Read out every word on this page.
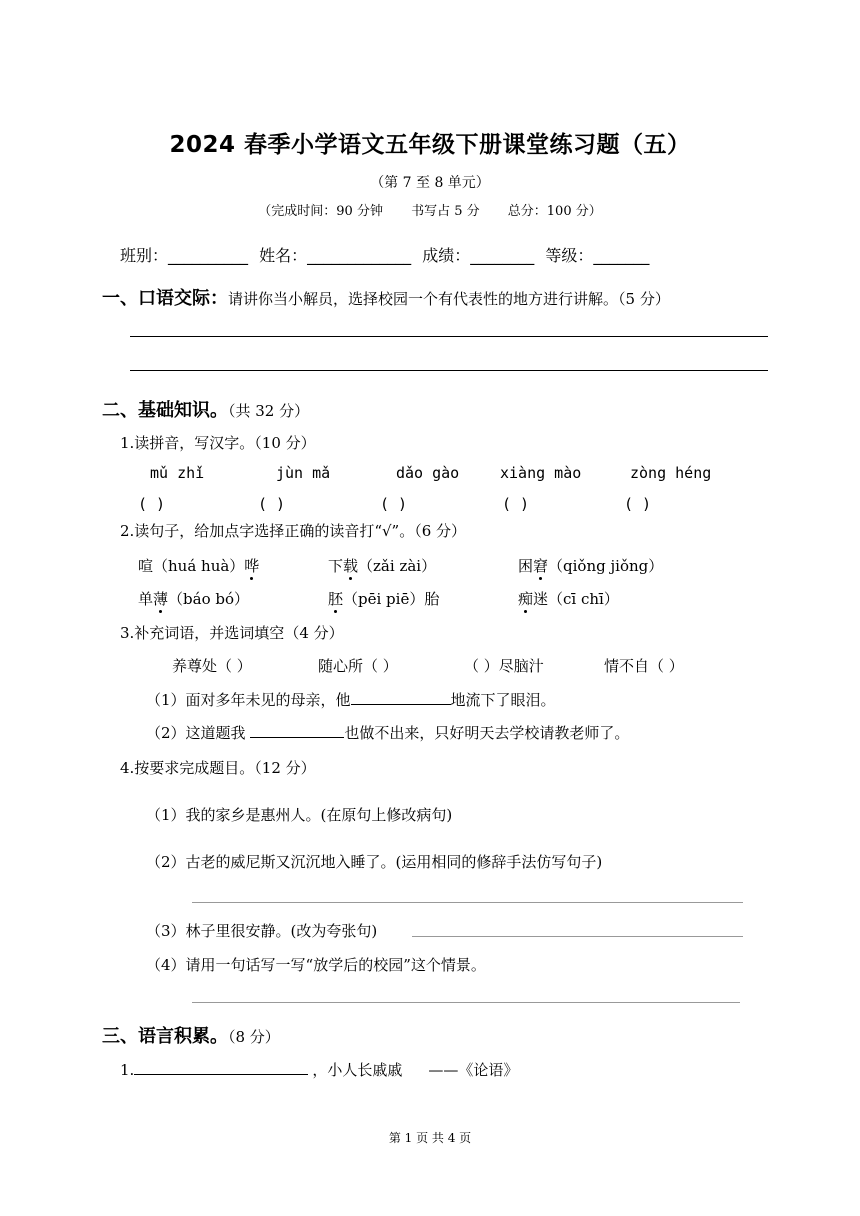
2024 春季小学语文五年级下册课堂练习题（五）
（第 7 至 8 单元）
（完成时间：90 分钟 书写占 5 分 总分：100 分）
班别：__________ 姓名：_____________ 成绩：________ 等级：_______
一、口语交际：请讲你当小解员，选择校园一个有代表性的地方进行讲解。（5 分）
二、基础知识。（共 32 分）
1.读拼音，写汉字。（10 分）
mǔ zhǐ	jùn mǎ	dǎo gào	xiàng mào	zòng héng
( )	( )	( )	( )	( )
2.读句子，给加点字选择正确的读音打“√”。（6 分）
喧（huá huà）哗	下载（zǎi zài）	困窘（qiǒng jiǒng）
单薄（báo bó）	胚（pēi piē）胎	痴迷（cī chī）
3.补充词语，并选词填空（4 分）
养尊处（ ）	随心所（ ）	（ ）尽脑汁	情不自（ ）
（1）面对多年未见的母亲，他	地流下了眼泪。
（2）这道题我	也做不出来，只好明天去学校请教老师了。
4.按要求完成题目。（12 分）
（1）我的家乡是惠州人。(在原句上修改病句)
（2）古老的威尼斯又沉沉地入睡了。(运用相同的修辞手法仿写句子)
（3）林子里很安静。(改为夸张句)
（4）请用一句话写一写“放学后的校园”这个情景。
三、语言积累。（8 分）
1.	，小人长戚戚 ——《论语》
第 1 页 共 4 页
